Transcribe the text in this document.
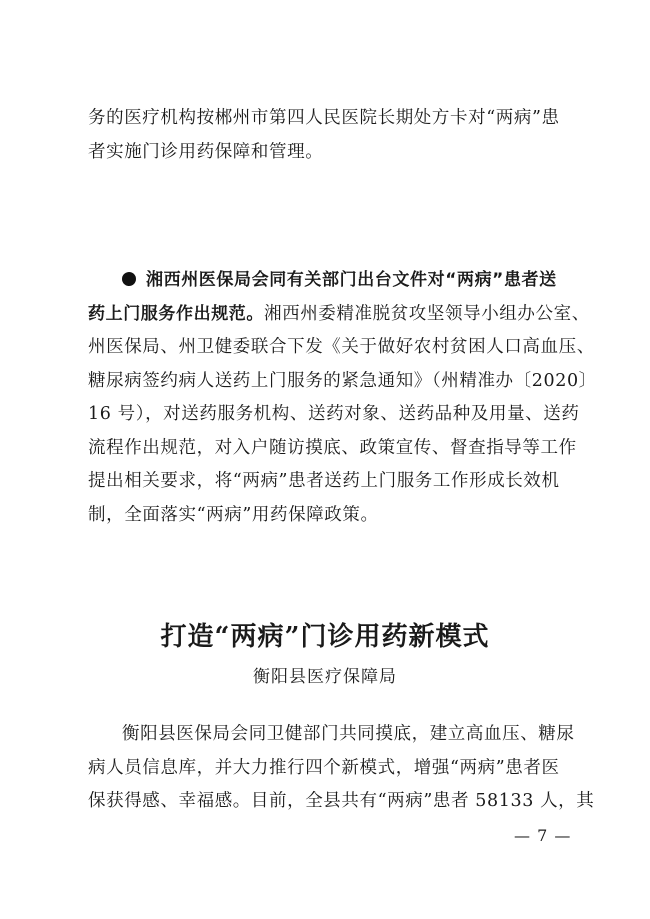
务的医疗机构按郴州市第四人民医院长期处方卡对“两病”患
者实施门诊用药保障和管理。
湘西州医保局会同有关部门出台文件对“两病”患者送
药上门服务作出规范。湘西州委精准脱贫攻坚领导小组办公室、
州医保局、州卫健委联合下发《关于做好农村贫困人口高血压、
糖尿病签约病人送药上门服务的紧急通知》（州精准办〔2020〕
16 号），对送药服务机构、送药对象、送药品种及用量、送药
流程作出规范，对入户随访摸底、政策宣传、督查指导等工作
提出相关要求，将“两病”患者送药上门服务工作形成长效机
制，全面落实“两病”用药保障政策。
打造“两病”门诊用药新模式
衡阳县医疗保障局
衡阳县医保局会同卫健部门共同摸底，建立高血压、糖尿
病人员信息库，并大力推行四个新模式，增强“两病”患者医
保获得感、幸福感。目前，全县共有“两病”患者 58133 人，其
— 7 —
